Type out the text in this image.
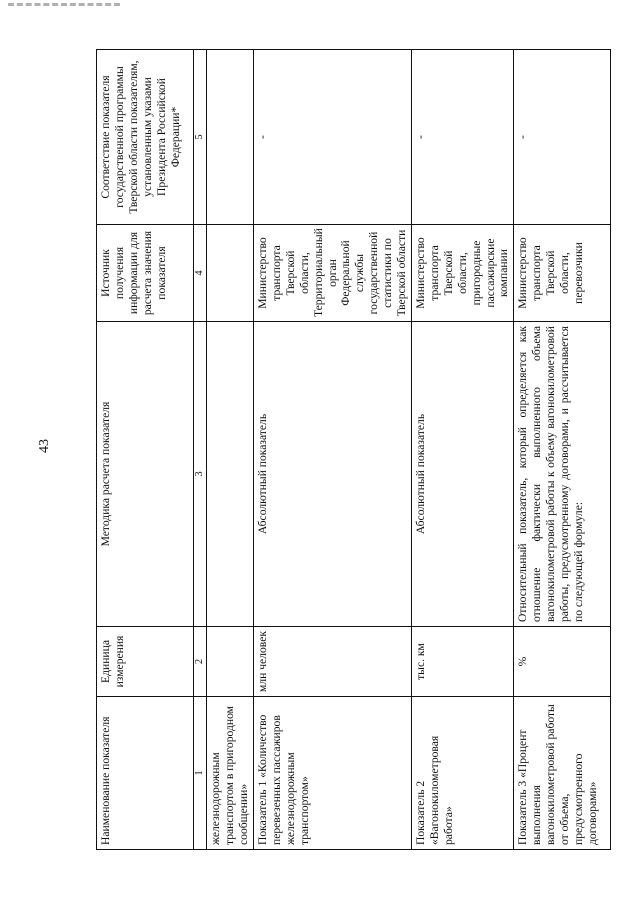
43
Наименование показателя	Единица измерения	Методика расчета показателя	Источник получения информации для расчета значения показателя	Соответствие показателя государственной программы Тверской области показателям, установленным указами Президента Российской Федерации*
1	2	3	4	5
железнодорожным транспортом в пригородном сообщении»				
Показатель 1 «Количество перевезенных пассажиров железнодорожным транспортом»	млн человек	Абсолютный показатель	Министерство транспорта Тверской области, Территориальный орган Федеральной службы государственной статистики по Тверской области	-
Показатель 2 «Вагонокилометровая работа»	тыс. км	Абсолютный показатель	Министерство транспорта Тверской области, пригородные пассажирские компании	-
Показатель 3 «Процент выполнения вагонокилометровой работы от объема, предусмотренного договорами»	%	Относительный показатель, который определяется как отношение фактически выполненного объема вагонокилометровой работы к объему вагонокилометровой работы, предусмотренному договорами, и рассчитывается по следующей формуле:	Министерство транспорта Тверской области, перевозчики	-
